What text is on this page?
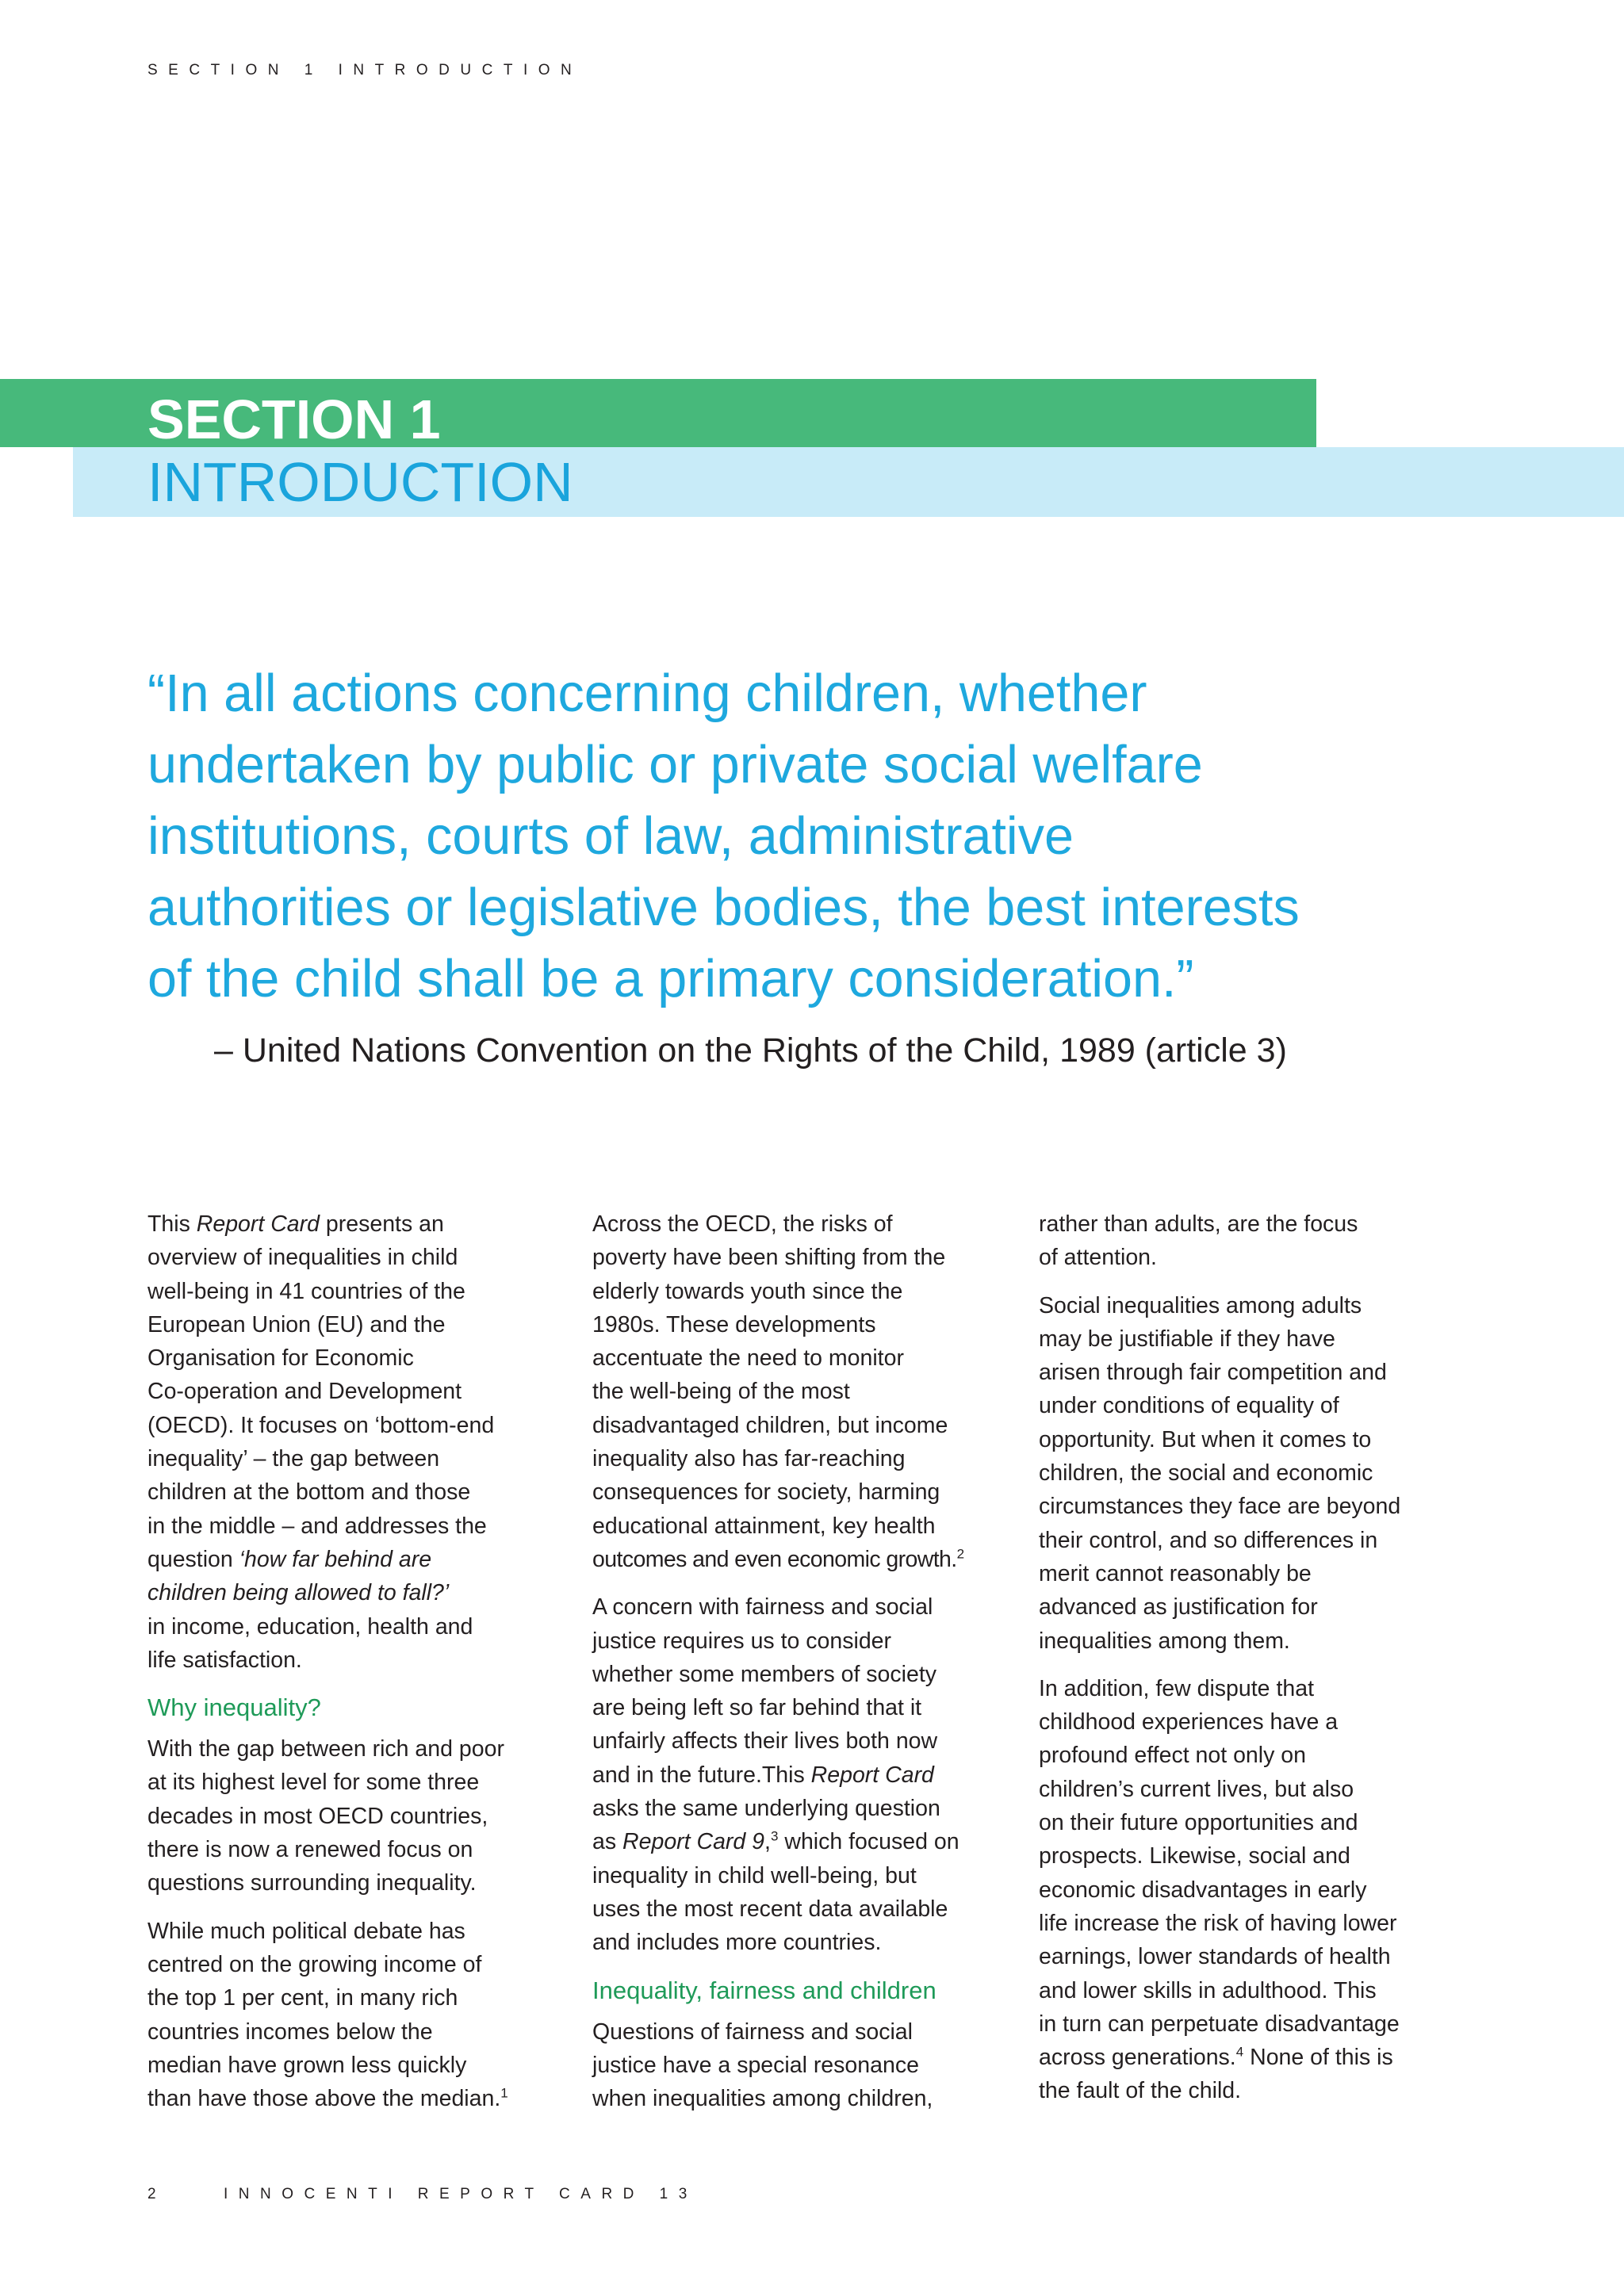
SECTION 1 INTRODUCTION
SECTION 1
INTRODUCTION
“In all actions concerning children, whether
undertaken by public or private social welfare
institutions, courts of law, administrative
authorities or legislative bodies, the best interests
of the child shall be a primary consideration.”
– United Nations Convention on the Rights of the Child, 1989 (article 3)

This Report Card presents an
overview of inequalities in child
well-being in 41 countries of the
European Union (EU) and the
Organisation for Economic
Co-operation and Development
(OECD). It focuses on ‘bottom-end
inequality’ – the gap between
children at the bottom and those
in the middle – and addresses the
question ‘how far behind are
children being allowed to fall?’
in income, education, health and
life satisfaction.

Why inequality?

With the gap between rich and poor
at its highest level for some three
decades in most OECD countries,
there is now a renewed focus on
questions surrounding inequality.

While much political debate has
centred on the growing income of
the top 1 per cent, in many rich
countries incomes below the
median have grown less quickly
than have those above the median.$^1$

Across the OECD, the risks of
poverty have been shifting from the
elderly towards youth since the
1980s. These developments
accentuate the need to monitor
the well-being of the most
disadvantaged children, but income
inequality also has far-reaching
consequences for society, harming
educational attainment, key health
outcomes and even economic growth.$^2$

A concern with fairness and social
justice requires us to consider
whether some members of society
are being left so far behind that it
unfairly affects their lives both now
and in the future.This Report Card
asks the same underlying question
as Report Card 9,$^3$ which focused on
inequality in child well-being, but
uses the most recent data available
and includes more countries.

Inequality, fairness and children

Questions of fairness and social
justice have a special resonance
when inequalities among children,

rather than adults, are the focus
of attention.

Social inequalities among adults
may be justifiable if they have
arisen through fair competition and
under conditions of equality of
opportunity. But when it comes to
children, the social and economic
circumstances they face are beyond
their control, and so differences in
merit cannot reasonably be
advanced as justification for
inequalities among them.

In addition, few dispute that
childhood experiences have a
profound effect not only on
children’s current lives, but also
on their future opportunities and
prospects. Likewise, social and
economic disadvantages in early
life increase the risk of having lower
earnings, lower standards of health
and lower skills in adulthood. This
in turn can perpetuate disadvantage
across generations.$^4$ None of this is
the fault of the child.

2	INNOCENTI REPORT CARD 13
